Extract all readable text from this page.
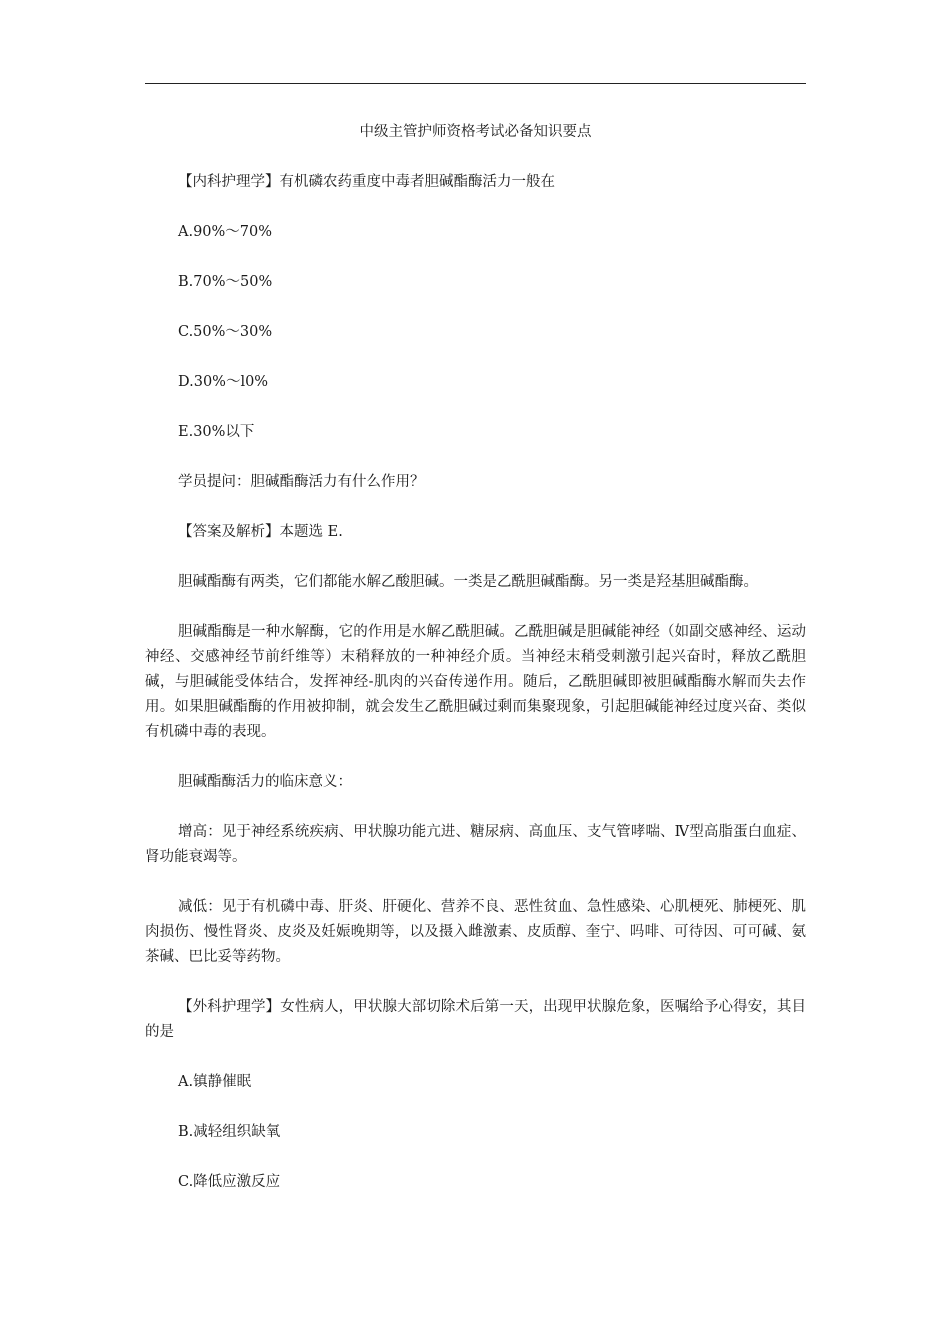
中级主管护师资格考试必备知识要点
【内科护理学】有机磷农药重度中毒者胆碱酯酶活力一般在
A.90%～70%
B.70%～50%
C.50%～30%
D.30%～l0%
E.30%以下
学员提问：胆碱酯酶活力有什么作用？
【答案及解析】本题选 E.
胆碱酯酶有两类，它们都能水解乙酸胆碱。一类是乙酰胆碱酯酶。另一类是羟基胆碱酯酶。
胆碱酯酶是一种水解酶，它的作用是水解乙酰胆碱。乙酰胆碱是胆碱能神经（如副交感神经、运动神经、交感神经节前纤维等）末稍释放的一种神经介质。当神经末稍受刺激引起兴奋时，释放乙酰胆碱，与胆碱能受体结合，发挥神经-肌肉的兴奋传递作用。随后，乙酰胆碱即被胆碱酯酶水解而失去作用。如果胆碱酯酶的作用被抑制，就会发生乙酰胆碱过剩而集聚现象，引起胆碱能神经过度兴奋、类似有机磷中毒的表现。
胆碱酯酶活力的临床意义：
增高：见于神经系统疾病、甲状腺功能亢进、糖尿病、高血压、支气管哮喘、Ⅳ型高脂蛋白血症、肾功能衰竭等。
减低：见于有机磷中毒、肝炎、肝硬化、营养不良、恶性贫血、急性感染、心肌梗死、肺梗死、肌肉损伤、慢性肾炎、皮炎及妊娠晚期等，以及摄入雌激素、皮质醇、奎宁、吗啡、可待因、可可碱、氨茶碱、巴比妥等药物。
【外科护理学】女性病人，甲状腺大部切除术后第一天，出现甲状腺危象，医嘱给予心得安，其目的是
A.镇静催眠
B.减轻组织缺氧
C.降低应激反应
